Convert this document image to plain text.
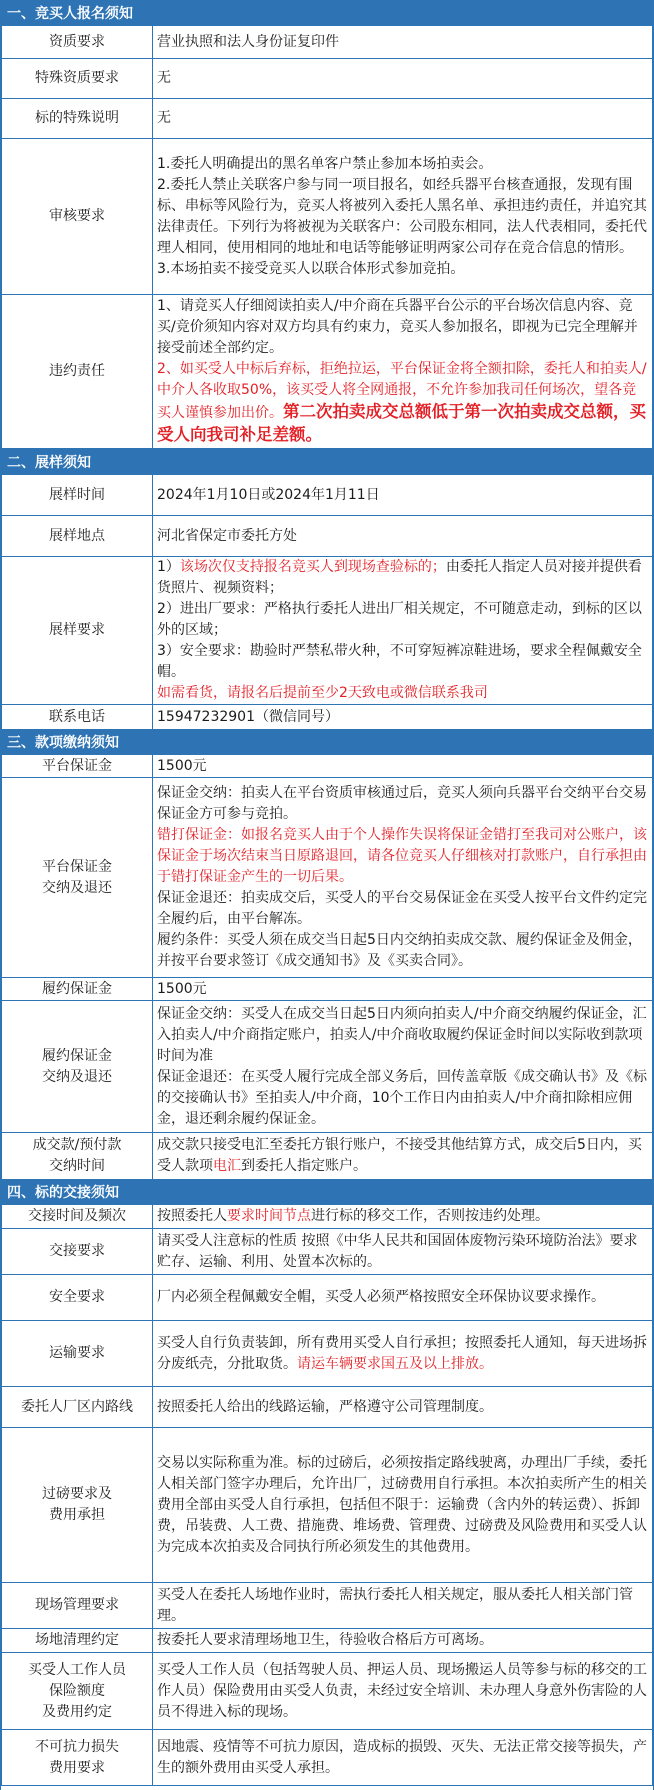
一、竞买人报名须知
资质要求	营业执照和法人身份证复印件
特殊资质要求	无
标的特殊说明	无
审核要求	1.委托人明确提出的黑名单客户禁止参加本场拍卖会。
2.委托人禁止关联客户参与同一项目报名，如经兵器平台核查通报，发现有围标、串标等风险行为，竞买人将被列入委托人黑名单、承担违约责任，并追究其法律责任。下列行为将被视为关联客户：公司股东相同，法人代表相同，委托代理人相同，使用相同的地址和电话等能够证明两家公司存在竞合信息的情形。
3.本场拍卖不接受竞买人以联合体形式参加竞拍。

违约责任	1、请竞买人仔细阅读拍卖人/中介商在兵器平台公示的平台场次信息内容、竞买/竞价须知内容对双方均具有约束力，竞买人参加报名，即视为已完全理解并接受前述全部约定。
2、如买受人中标后弃标，拒绝拉运，平台保证金将全额扣除，委托人和拍卖人/中介人各收取50%，该买受人将全网通报，不允许参加我司任何场次，望各竞买人谨慎参加出价。第二次拍卖成交总额低于第一次拍卖成交总额，买受人向我司补足差额。
二、展样须知
展样时间	2024年1月10日或2024年1月11日
展样地点	河北省保定市委托方处
展样要求	1）该场次仅支持报名竞买人到现场查验标的；由委托人指定人员对接并提供看货照片、视频资料；
2）进出厂要求：严格执行委托人进出厂相关规定，不可随意走动，到标的区以外的区域；
3）安全要求：勘验时严禁私带火种，不可穿短裤凉鞋进场，要求全程佩戴安全帽。
如需看货，请报名后提前至少2天致电或微信联系我司

联系电话	15947232901（微信同号）
三、款项缴纳须知
平台保证金	1500元

平台保证金
交纳及退还	保证金交纳：拍卖人在平台资质审核通过后，竞买人须向兵器平台交纳平台交易保证金方可参与竞拍。
错打保证金：如报名竞买人由于个人操作失误将保证金错打至我司对公账户，该保证金于场次结束当日原路退回，请各位竞买人仔细核对打款账户，自行承担由于错打保证金产生的一切后果。
保证金退还：拍卖成交后，买受人的平台交易保证金在买受人按平台文件约定完全履约后，由平台解冻。
履约条件：买受人须在成交当日起5日内交纳拍卖成交款、履约保证金及佣金，并按平台要求签订《成交通知书》及《买卖合同》。

履约保证金	1500元

履约保证金
交纳及退还	保证金交纳：买受人在成交当日起5日内须向拍卖人/中介商交纳履约保证金，汇入拍卖人/中介商指定账户，拍卖人/中介商收取履约保证金时间以实际收到款项时间为准
保证金退还：在买受人履行完成全部义务后，回传盖章版《成交确认书》及《标的交接确认书》至拍卖人/中介商，10个工作日内由拍卖人/中介商扣除相应佣金，退还剩余履约保证金。

成交款/预付款
交纳时间	成交款只接受电汇至委托方银行账户，不接受其他结算方式，成交后5日内，买受人款项电汇到委托人指定账户。
四、标的交接须知
交接时间及频次	按照委托人要求时间节点进行标的移交工作，否则按违约处理。
交接要求	请买受人注意标的性质 按照《中华人民共和国固体废物污染环境防治法》要求贮存、运输、利用、处置本次标的。
安全要求	厂内必须全程佩戴安全帽，买受人必须严格按照安全环保协议要求操作。
运输要求	买受人自行负责装卸，所有费用买受人自行承担；按照委托人通知，每天进场拆分废纸壳，分批取货。请运车辆要求国五及以上排放。
委托人厂区内路线	按照委托人给出的线路运输，严格遵守公司管理制度。

过磅要求及
费用承担	交易以实际称重为准。标的过磅后，必须按指定路线驶离，办理出厂手续，委托人相关部门签字办理后，允许出厂，过磅费用自行承担。本次拍卖所产生的相关费用全部由买受人自行承担，包括但不限于：运输费（含内外的转运费）、拆卸费，吊装费、人工费、措施费、堆场费、管理费、过磅费及风险费用和买受人认为完成本次拍卖及合同执行所必须发生的其他费用。
现场管理要求	买受人在委托人场地作业时，需执行委托人相关规定，服从委托人相关部门管理。
场地清理约定	按委托人要求清理场地卫生，待验收合格后方可离场。

买受人工作人员
保险额度
及费用约定	买受人工作人员（包括驾驶人员、押运人员、现场搬运人员等参与标的移交的工作人员）保险费用由买受人负责，未经过安全培训、未办理人身意外伤害险的人员不得进入标的现场。

不可抗力损失
费用要求	因地震、疫情等不可抗力原因，造成标的损毁、灭失、无法正常交接等损失，产生的额外费用由买受人承担。
